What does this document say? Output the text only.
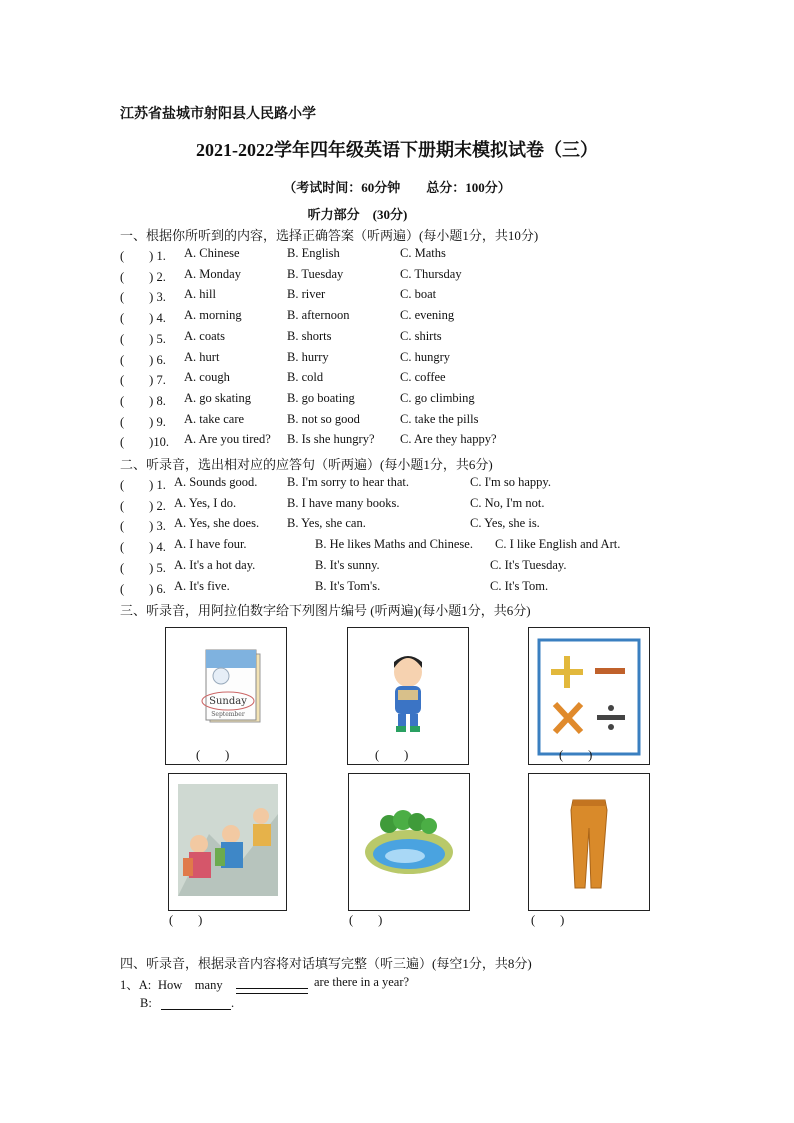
江苏省盐城市射阳县人民路小学
2021-2022学年四年级英语下册期末模拟试卷（三）
（考试时间：60分钟　　总分：100分）
听力部分　(30分)
一、根据你所听到的内容，选择正确答案（听两遍）(每小题1分，共10分)
(　　) 1. A. Chinese	B. English	C. Maths
(　　) 2. A. Monday	B. Tuesday	C. Thursday
(　　) 3. A. hill	B. river	C. boat
(　　) 4. A. morning	B. afternoon	C. evening
(　　) 5. A. coats	B. shorts	C. shirts
(　　) 6. A. hurt	B. hurry	C. hungry
(　　) 7. A. cough	B. cold	C. coffee
(　　) 8. A. go skating	B. go boating	C. go climbing
(　　) 9. A. take care	B. not so good	C. take the pills
(　　)10. A. Are you tired? B. Is she hungry? C. Are they happy?
二、听录音，选出相对应的应答句（听两遍）(每小题1分，共6分)
(　　) 1. A. Sounds good. B. I'm sorry to hear that.	C. I'm so happy.
(　　) 2. A. Yes, I do.	B. I have many books.	C. No, I'm not.
(　　) 3. A. Yes, she does. B. Yes, she can.	C. Yes, she is.
(　　) 4. A. I have four.	B. He likes Maths and Chinese. C. I like English and Art.
(　　) 5. A. It's a hot day.	B. It's sunny.	C. It's Tuesday.
(　　) 6. A. It's five.	B. It's Tom's.	C. It's Tom.
三、听录音，用阿拉伯数字给下列图片编号 (听两遍)(每小题1分，共6分)
Sunday
September
(　　)	(　　)	(　　)
(　　)	(　　)	(　　)
四、听录音，根据录音内容将对话填写完整（听三遍）(每空1分，共8分)
1、A: How　many	are there in a year?
B:	.
